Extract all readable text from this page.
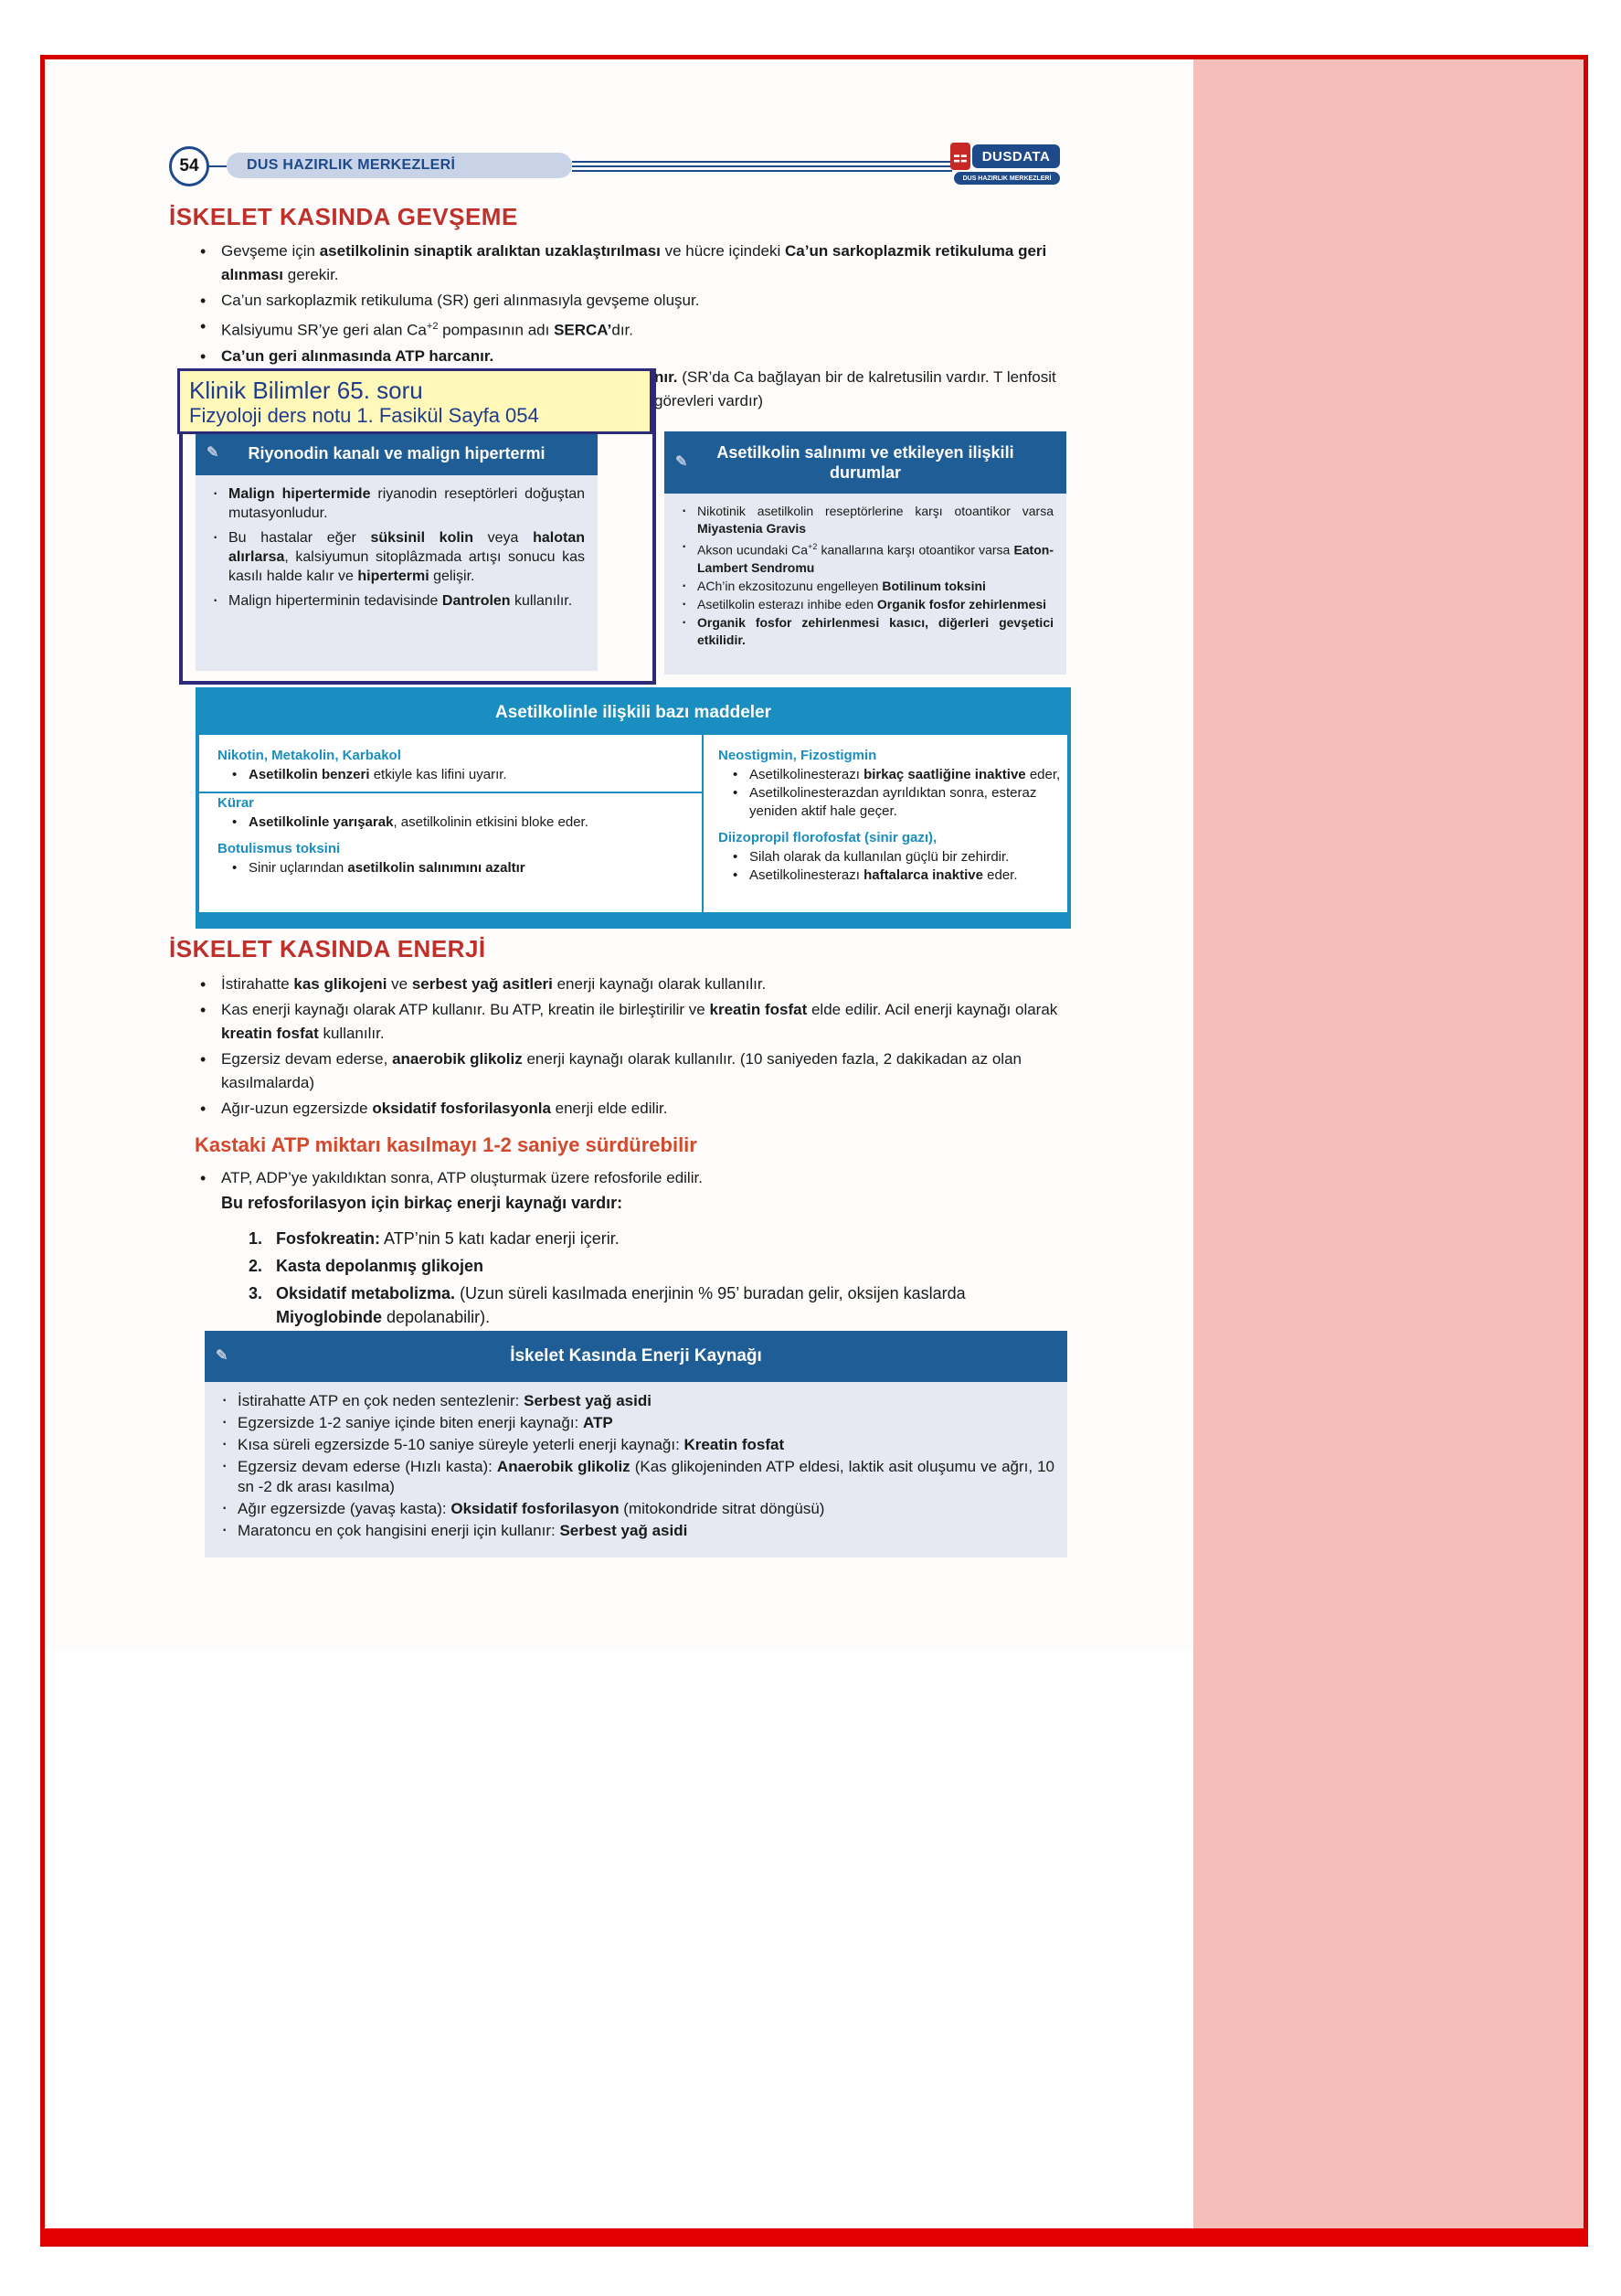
54	DUS HAZIRLIK MERKEZLERİ	⚏	DUSDATA
DUS HAZIRLIK MERKEZLERİ
İSKELET KASINDA GEVŞEME
• Gevşeme için asetilkolinin sinaptik aralıktan uzaklaştırılması ve hücre içindeki Ca’un sarkoplazmik retikuluma geri alınması gerekir.
• Ca’un sarkoplazmik retikuluma (SR) geri alınmasıyla gevşeme oluşur.
• Kalsiyumu SR’ye geri alan $Ca^{+2}$ pompasının adı SERCA’dır.
• Ca’un geri alınmasında ATP harcanır.
nır. (SR’da Ca bağlayan bir de kalretusilin vardır. T lenfosit
görevleri vardır)
✎ Riyonodin kanalı ve malign hipertermi
· Malign hipertermide riyanodin reseptörleri doğuştan mutasyonludur.
· Bu hastalar eğer süksinil kolin veya halotan alırlarsa, kalsiyumun sitoplâzmada artışı sonucu kas kasılı halde kalır ve hipertermi gelişir.
· Malign hiperterminin tedavisinde Dantrolen kullanılır.
✎
Asetilkolin salınımı ve etkileyen ilişkili durumlar
· Nikotinik asetilkolin reseptörlerine karşı otoantikor varsa Miyastenia Gravis
· Akson ucundaki $Ca^{+2}$ kanallarına karşı otoantikor varsa Eaton-Lambert Sendromu
· ACh’in ekzositozunu engelleyen Botilinum toksini
· Asetilkolin esterazı inhibe eden Organik fosfor zehirlenmesi
· Organik fosfor zehirlenmesi kasıcı, diğerleri gevşetici etkilidir.
Klinik Bilimler 65. soru
Fizyoloji ders notu 1. Fasikül Sayfa 054
Asetilkolinle ilişkili bazı maddeler
Nikotin, Metakolin, Karbakol
• Asetilkolin benzeri etkiyle kas lifini uyarır.
Kürar
• Asetilkolinle yarışarak, asetilkolinin etkisini bloke eder.
Botulismus toksini
• Sinir uçlarından asetilkolin salınımını azaltır
Neostigmin, Fizostigmin
• Asetilkolinesterazı birkaç saatliğine inaktive eder,
• Asetilkolinesterazdan ayrıldıktan sonra, esteraz yeniden aktif hale geçer.
Diizopropil florofosfat (sinir gazı),
• Silah olarak da kullanılan güçlü bir zehirdir.
• Asetilkolinesterazı haftalarca inaktive eder.
İSKELET KASINDA ENERJİ
• İstirahatte kas glikojeni ve serbest yağ asitleri enerji kaynağı olarak kullanılır.
• Kas enerji kaynağı olarak ATP kullanır. Bu ATP, kreatin ile birleştirilir ve kreatin fosfat elde edilir. Acil enerji kaynağı olarak kreatin fosfat kullanılır.
• Egzersiz devam ederse, anaerobik glikoliz enerji kaynağı olarak kullanılır. (10 saniyeden fazla, 2 dakikadan az olan kasılmalarda)
• Ağır-uzun egzersizde oksidatif fosforilasyonla enerji elde edilir.
Kastaki ATP miktarı kasılmayı 1-2 saniye sürdürebilir
• ATP, ADP’ye yakıldıktan sonra, ATP oluşturmak üzere refosforile edilir.
Bu refosforilasyon için birkaç enerji kaynağı vardır:
1. Fosfokreatin: ATP’nin 5 katı kadar enerji içerir.
2. Kasta depolanmış glikojen
3. Oksidatif metabolizma. (Uzun süreli kasılmada enerjinin % 95’ buradan gelir, oksijen kaslarda Miyoglobinde depolanabilir).
✎	İskelet Kasında Enerji Kaynağı
· İstirahatte ATP en çok neden sentezlenir: Serbest yağ asidi
· Egzersizde 1-2 saniye içinde biten enerji kaynağı: ATP
· Kısa süreli egzersizde 5-10 saniye süreyle yeterli enerji kaynağı: Kreatin fosfat
· Egzersiz devam ederse (Hızlı kasta): Anaerobik glikoliz (Kas glikojeninden ATP eldesi, laktik asit oluşumu ve ağrı, 10 sn -2 dk arası kasılma)
· Ağır egzersizde (yavaş kasta): Oksidatif fosforilasyon (mitokondride sitrat döngüsü)
· Maratoncu en çok hangisini enerji için kullanır: Serbest yağ asidi
